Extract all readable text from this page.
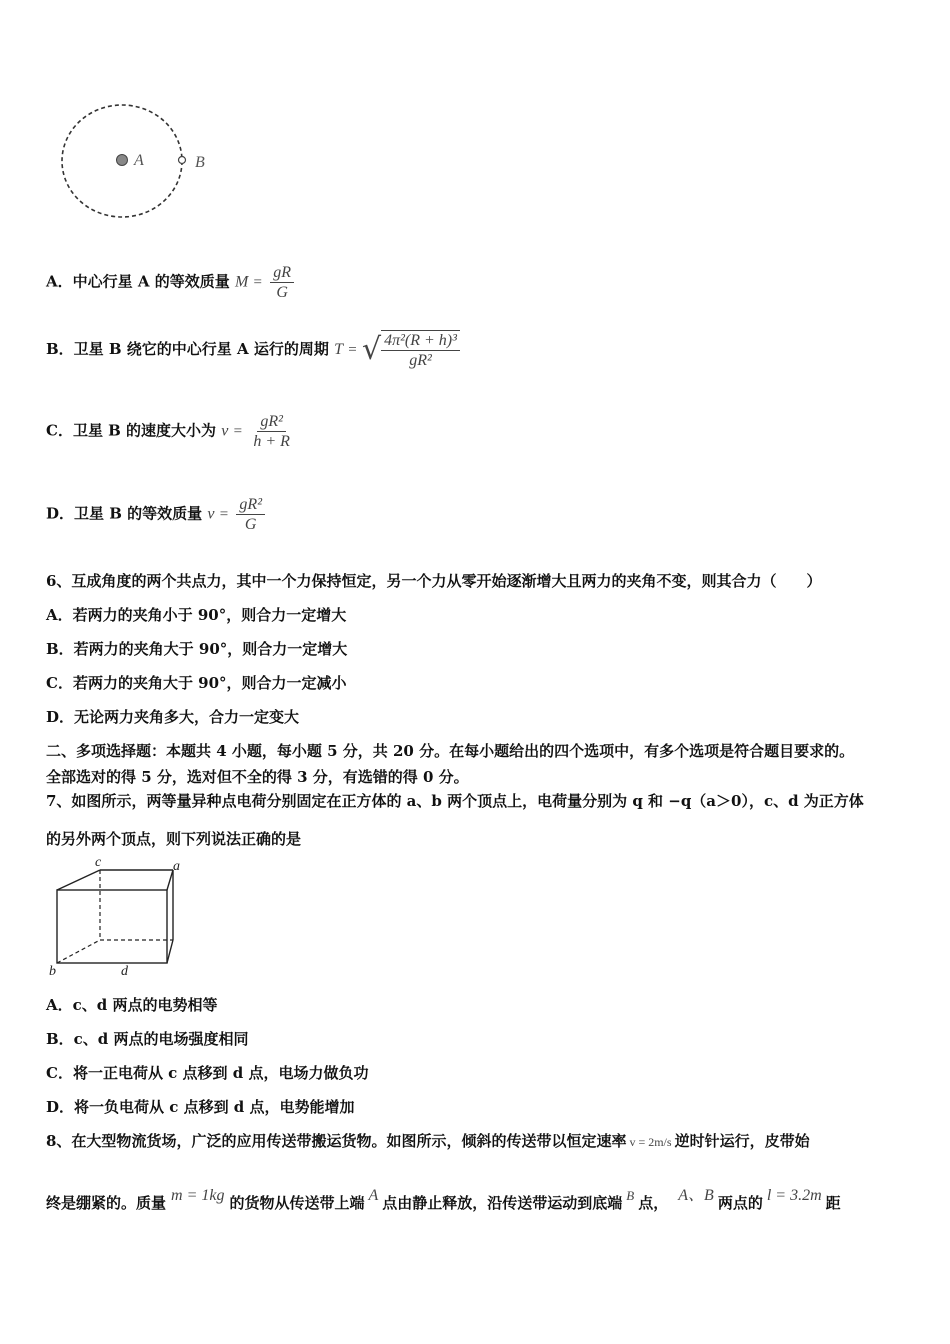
A	B
A．中心行星 A 的等效质量 $M = \frac{gR}{G}$
B．卫星 B 绕它的中心行星 A 运行的周期 T = √ $\frac{\text{4π²(R + h)³}}{\text{gR²}}$
C．卫星 B 的速度大小为 $v = \frac{\text{gR²}}{h + R}$
D．卫星 B 的等效质量 $v = \frac{\text{gR²}}{G}$
6、互成角度的两个共点力，其中一个力保持恒定，另一个力从零开始逐渐增大且两力的夹角不变，则其合力（　　）
A．若两力的夹角小于 90°，则合力一定增大
B．若两力的夹角大于 90°，则合力一定增大
C．若两力的夹角大于 90°，则合力一定减小
D．无论两力夹角多大，合力一定变大
二、多项选择题：本题共 4 小题，每小题 5 分，共 20 分。在每小题给出的四个选项中，有多个选项是符合题目要求的。
全部选对的得 5 分，选对但不全的得 3 分，有选错的得 0 分。
7、如图所示，两等量异种点电荷分别固定在正方体的 a、b 两个顶点上，电荷量分别为 q 和 −q（a＞0），c、d 为正方体
的另外两个顶点，则下列说法正确的是
c	a
b	d
A．c、d 两点的电势相等
B．c、d 两点的电场强度相同
C．将一正电荷从 c 点移到 d 点，电场力做负功
D．将一负电荷从 c 点移到 d 点，电势能增加
8、在大型物流货场，广泛的应用传送带搬运货物。如图所示，倾斜的传送带以恒定速率 v = 2m/s 逆时针运行，皮带始
终是绷紧的。质量 m = 1kg 的货物从传送带上端 A 点由静止释放，沿传送带运动到底端 B 点， A、B 两点的 l = 3.2m 距
